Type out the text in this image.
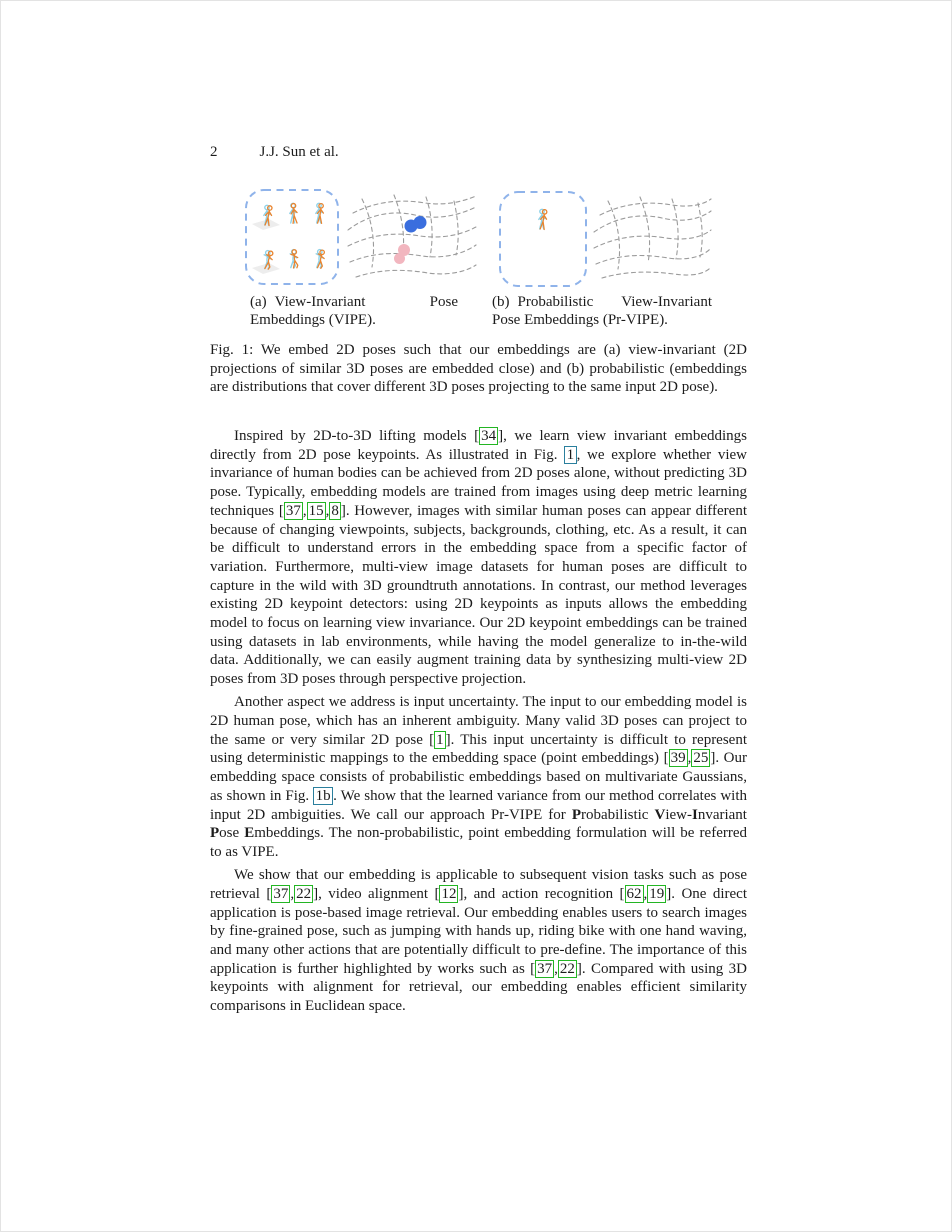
2	J.J. Sun et al.
(a) View-Invariant Pose Embeddings (VIPE).
(b) Probabilistic View-Invariant Pose Embeddings (Pr-VIPE).
Fig. 1: We embed 2D poses such that our embeddings are (a) view-invariant (2D projections of similar 3D poses are embedded close) and (b) probabilistic (embeddings are distributions that cover different 3D poses projecting to the same input 2D pose).

Inspired by 2D-to-3D lifting models [ 34 ], we learn view invariant embeddings directly from 2D pose keypoints. As illustrated in Fig. 1 , we explore whether view invariance of human bodies can be achieved from 2D poses alone, without predicting 3D pose. Typically, embedding models are trained from images using deep metric learning techniques [ 37 , 15 , 8 ]. However, images with similar human poses can appear different because of changing viewpoints, subjects, backgrounds, clothing, etc. As a result, it can be difficult to understand errors in the embedding space from a specific factor of variation. Furthermore, multi-view image datasets for human poses are difficult to capture in the wild with 3D groundtruth annotations. In contrast, our method leverages existing 2D keypoint detectors: using 2D keypoints as inputs allows the embedding model to focus on learning view invariance. Our 2D keypoint embeddings can be trained using datasets in lab environments, while having the model generalize to in-the-wild data. Additionally, we can easily augment training data by synthesizing multi-view 2D poses from 3D poses through perspective projection.

Another aspect we address is input uncertainty. The input to our embedding model is 2D human pose, which has an inherent ambiguity. Many valid 3D poses can project to the same or very similar 2D pose [ 1 ]. This input uncertainty is difficult to represent using deterministic mappings to the embedding space (point embeddings) [ 39 , 25 ]. Our embedding space consists of probabilistic embeddings based on multivariate Gaussians, as shown in Fig. 1b . We show that the learned variance from our method correlates with input 2D ambiguities. We call our approach Pr-VIPE for Probabilistic View-Invariant Pose Embeddings. The non-probabilistic, point embedding formulation will be referred to as VIPE.

We show that our embedding is applicable to subsequent vision tasks such as pose retrieval [ 37 , 22 ], video alignment [ 12 ], and action recognition [ 62 , 19 ]. One direct application is pose-based image retrieval. Our embedding enables users to search images by fine-grained pose, such as jumping with hands up, riding bike with one hand waving, and many other actions that are potentially difficult to pre-define. The importance of this application is further highlighted by works such as [ 37 , 22 ]. Compared with using 3D keypoints with alignment for retrieval, our embedding enables efficient similarity comparisons in Euclidean space.
